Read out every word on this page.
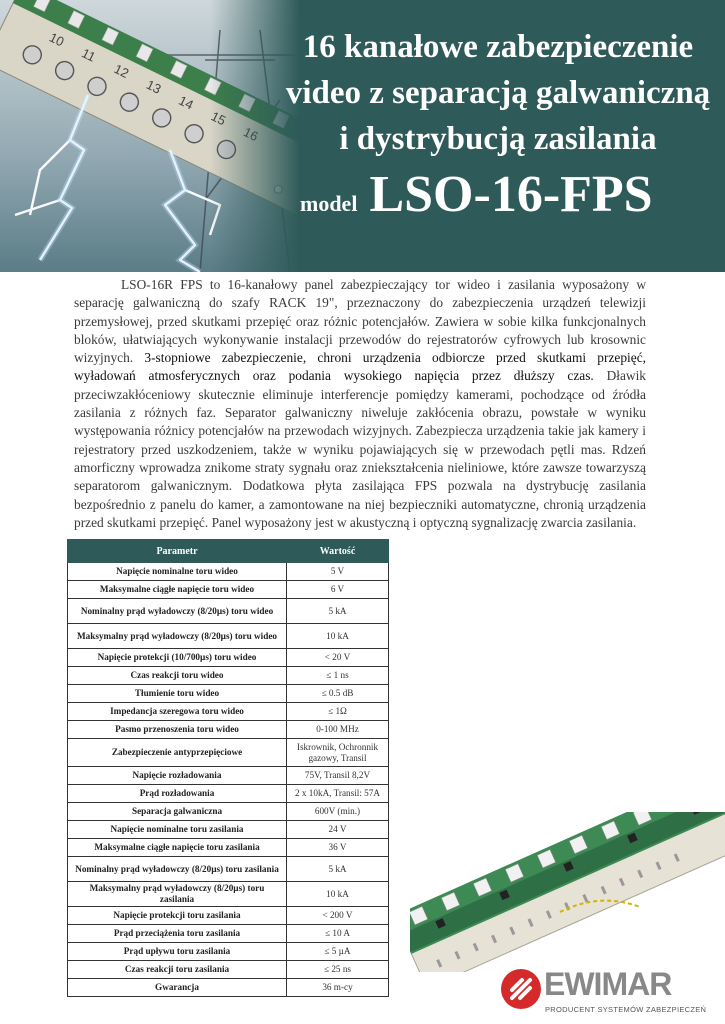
16 kanałowe zabezpieczenie
video z separacją galwaniczną
i dystrybucją zasilania
model LSO-16-FPS

LSO-16R FPS to 16-kanałowy panel zabezpieczający tor wideo i zasilania wyposażony w separację galwaniczną do szafy RACK 19", przeznaczony do zabezpieczenia urządzeń telewizji przemysłowej, przed skutkami przepięć oraz różnic potencjałów. Zawiera w sobie kilka funkcjonalnych bloków, ułatwiających wykonywanie instalacji przewodów do rejestratorów cyfrowych lub krosownic wizyjnych. 3-stopniowe zabezpieczenie, chroni urządzenia odbiorcze przed skutkami przepięć, wyładowań atmosferycznych oraz podania wysokiego napięcia przez dłuższy czas. Dławik przeciwzakłóceniowy skutecznie eliminuje interferencje pomiędzy kamerami, pochodzące od źródła zasilania z różnych faz. Separator galwaniczny niweluje zakłócenia obrazu, powstałe w wyniku występowania różnicy potencjałów na przewodach wizyjnych. Zabezpiecza urządzenia takie jak kamery i rejestratory przed uszkodzeniem, także w wyniku pojawiających się w przewodach pętli mas. Rdzeń amorficzny wprowadza znikome straty sygnału oraz zniekształcenia nieliniowe, które zawsze towarzyszą separatorom galwanicznym. Dodatkowa płyta zasilająca FPS pozwala na dystrybucję zasilania bezpośrednio z panelu do kamer, a zamontowane na niej bezpieczniki automatyczne, chronią urządzenia przed skutkami przepięć. Panel wyposażony jest w akustyczną i optyczną sygnalizację zwarcia zasilania.

Parametr	Wartość
Napięcie nominalne toru wideo	5 V
Maksymalne ciągłe napięcie toru wideo	6 V
Nominalny prąd wyładowczy (8/20µs) toru wideo	5 kA
Maksymalny prąd wyładowczy (8/20µs) toru wideo	10 kA
Napięcie protekcji (10/700µs) toru wideo	< 20 V
Czas reakcji toru wideo	≤ 1 ns
Tłumienie toru wideo	≤ 0.5 dB
Impedancja szeregowa toru wideo	≤ 1Ω
Pasmo przenoszenia toru wideo	0-100 MHz
Zabezpieczenie antyprzepięciowe	Iskrownik, Ochronnik gazowy, Transil
Napięcie rozładowania	75V, Transil 8,2V
Prąd rozładowania	2 x 10kA, Transil: 57A
Separacja galwaniczna	600V (min.)
Napięcie nominalne toru zasilania	24 V
Maksymalne ciągłe napięcie toru zasilania	36 V
Nominalny prąd wyładowczy (8/20µs) toru zasilania	5 kA
Maksymalny prąd wyładowczy (8/20µs) toru zasilania	10 kA
Napięcie protekcji toru zasilania	< 200 V
Prąd przeciążenia toru zasilania	≤ 10 A
Prąd upływu toru zasilania	≤ 5 µA
Czas reakcji toru zasilania	≤ 25 ns
Gwarancja	36 m-cy	EWIMAR
PRODUCENT SYSTEMÓW ZABEZPIECZEŃ
